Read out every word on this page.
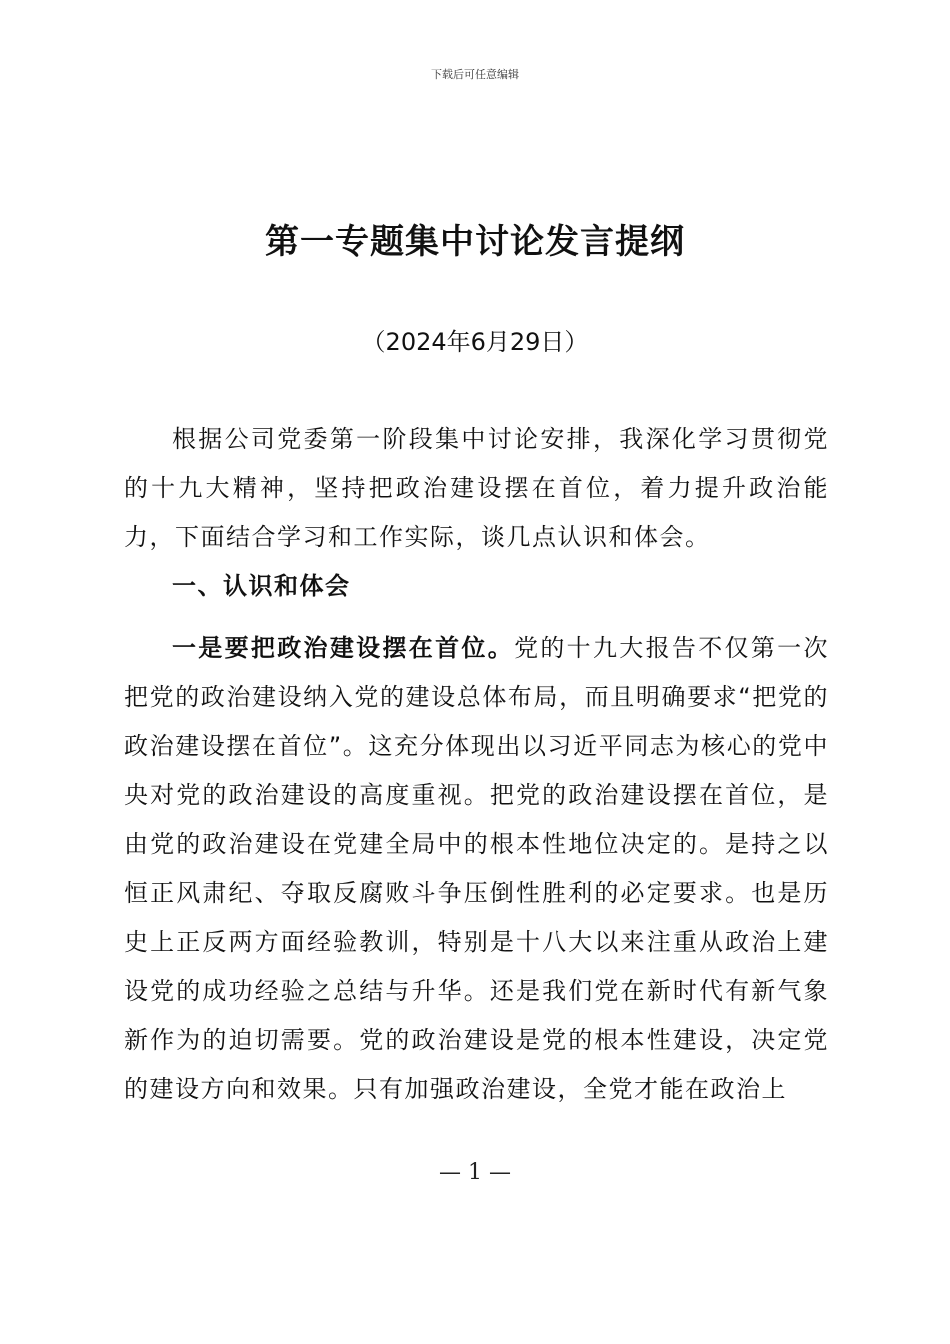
下载后可任意编辑
第一专题集中讨论发言提纲
（2024年6月29日）

根据公司党委第一阶段集中讨论安排，我深化学习贯彻党的十九大精神，坚持把政治建设摆在首位，着力提升政治能力，下面结合学习和工作实际，谈几点认识和体会。

一、认识和体会

一是要把政治建设摆在首位。党的十九大报告不仅第一次把党的政治建设纳入党的建设总体布局，而且明确要求“把党的政治建设摆在首位”。这充分体现出以习近平同志为核心的党中央对党的政治建设的高度重视。把党的政治建设摆在首位，是由党的政治建设在党建全局中的根本性地位决定的。是持之以恒正风肃纪、夺取反腐败斗争压倒性胜利的必定要求。也是历史上正反两方面经验教训，特别是十八大以来注重从政治上建设党的成功经验之总结与升华。还是我们党在新时代有新气象新作为的迫切需要。党的政治建设是党的根本性建设，决定党的建设方向和效果。只有加强政治建设，全党才能在政治上

— 1 —
